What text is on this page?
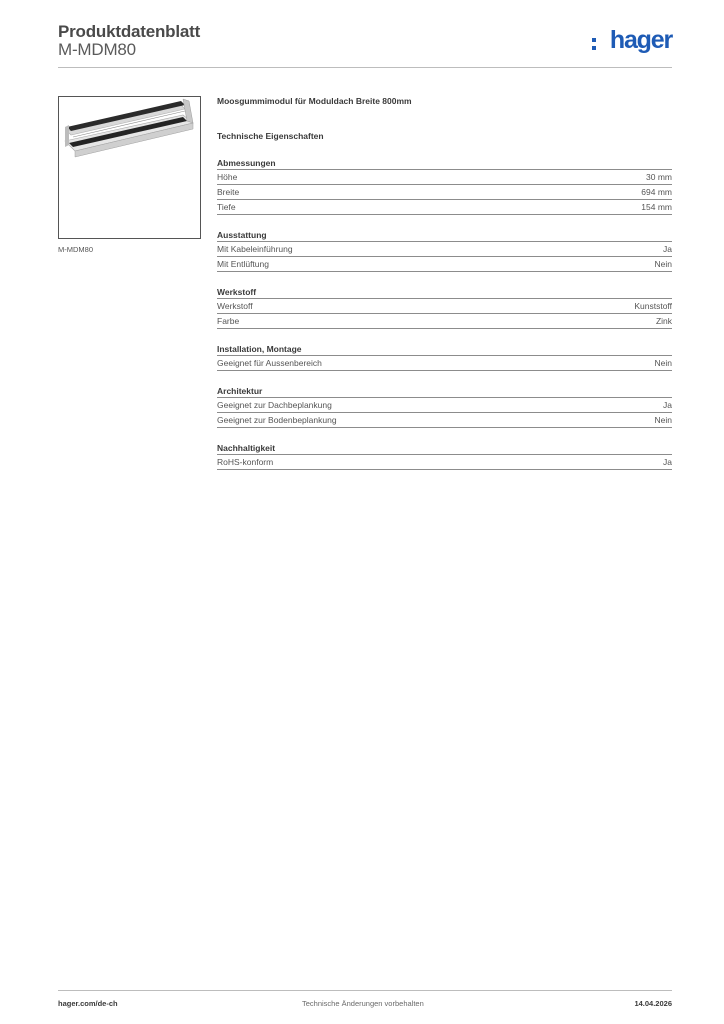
Produktdatenblatt
M-MDM80	hager
M-MDM80
Moosgummimodul für Moduldach Breite 800mm
Technische Eigenschaften
Abmessungen
Höhe	30 mm
Breite	694 mm
Tiefe	154 mm
Ausstattung
Mit Kabeleinführung	Ja
Mit Entlüftung	Nein
Werkstoff
Werkstoff	Kunststoff
Farbe	Zink
Installation, Montage
Geeignet für Aussenbereich	Nein
Architektur
Geeignet zur Dachbeplankung	Ja
Geeignet zur Bodenbeplankung	Nein
Nachhaltigkeit
RoHS-konform	Ja
hager.com/de-ch	Technische Änderungen vorbehalten	14.04.2026
